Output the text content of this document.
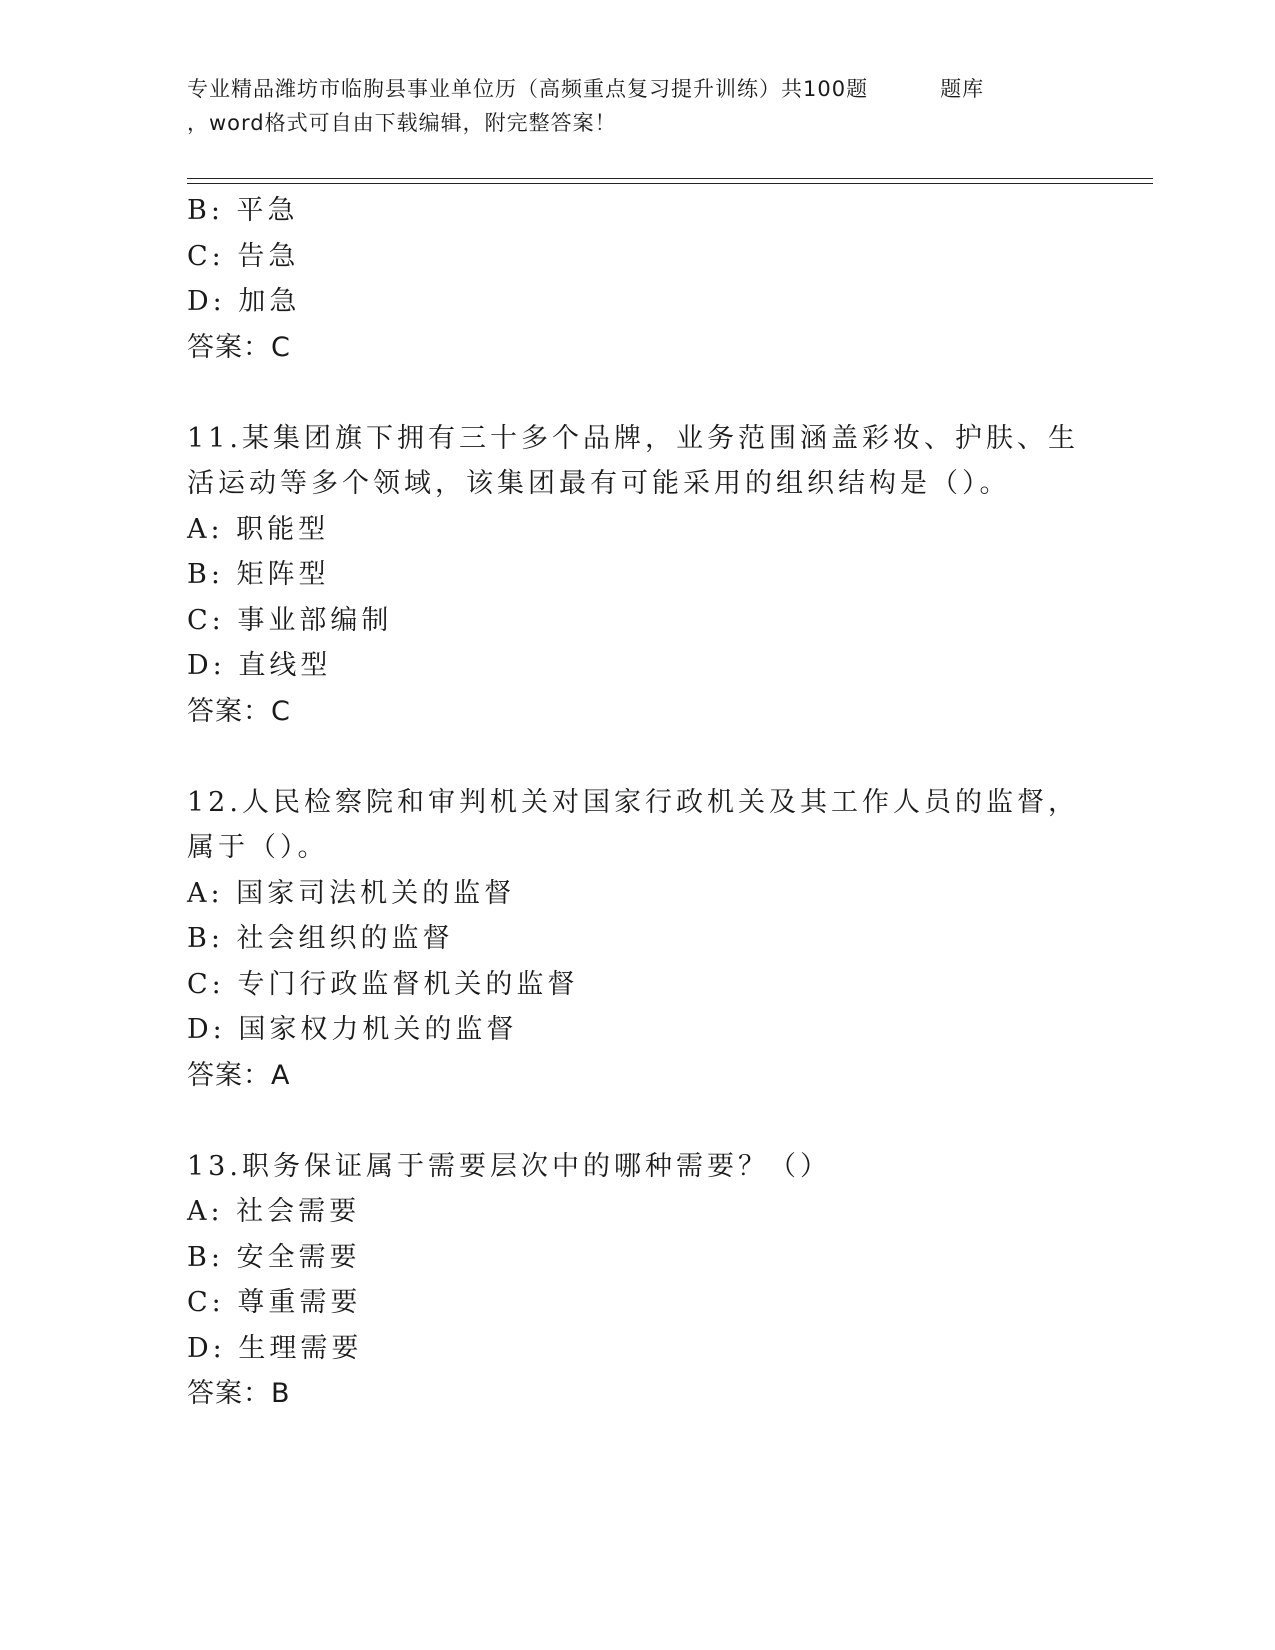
专业精品潍坊市临朐县事业单位历（高频重点复习提升训练）共100题	题库
，word格式可自由下载编辑，附完整答案！
B: 平急
C: 告急
D: 加急
答案：C
11.某集团旗下拥有三十多个品牌，业务范围涵盖彩妆、护肤、生活运动等多个领域，该集团最有可能采用的组织结构是（）。
A: 职能型
B: 矩阵型
C: 事业部编制
D: 直线型
答案：C
12.人民检察院和审判机关对国家行政机关及其工作人员的监督，属于（）。
A: 国家司法机关的监督
B: 社会组织的监督
C: 专门行政监督机关的监督
D: 国家权力机关的监督
答案：A
13.职务保证属于需要层次中的哪种需要？（）
A: 社会需要
B: 安全需要
C: 尊重需要
D: 生理需要
答案：B
